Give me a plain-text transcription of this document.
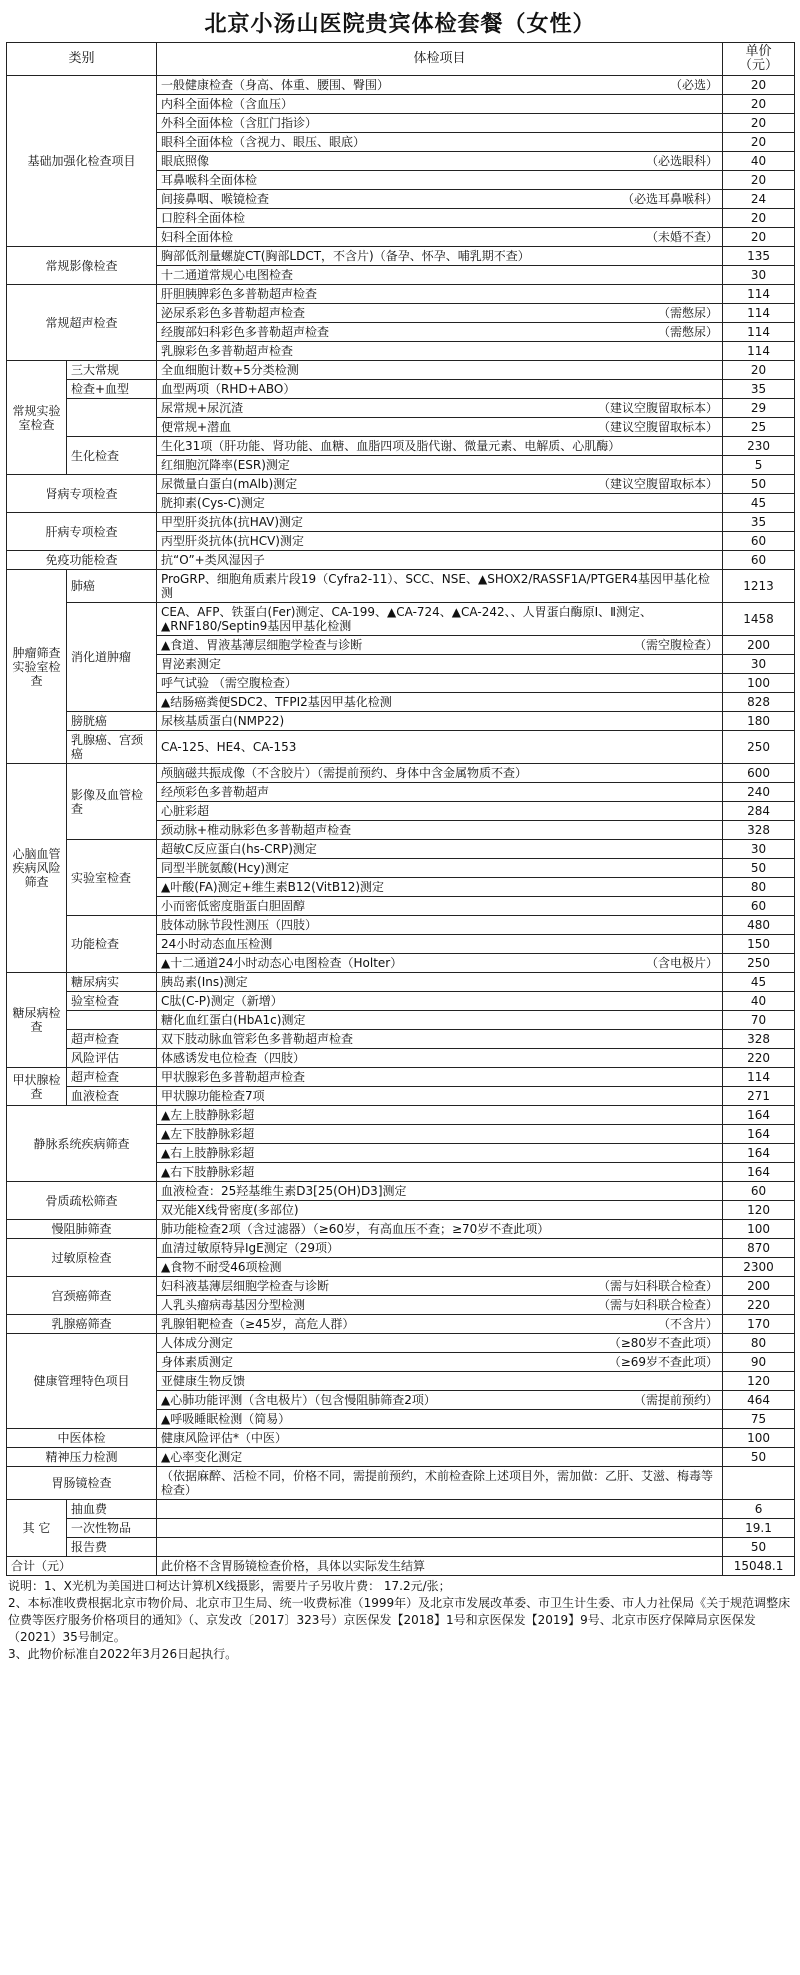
北京小汤山医院贵宾体检套餐（女性）
类别		体检项目	单价
（元）
基础加强化检查项目		一般健康检查（身高、体重、腰围、臀围） （必选）	20

		内科全面体检（含血压）	20

		外科全面体检（含肛门指诊）	20

		眼科全面体检（含视力、眼压、眼底）	20

		眼底照像 （必选眼科）	40

		耳鼻喉科全面体检	20

		间接鼻咽、喉镜检查 （必选耳鼻喉科）	24

		口腔科全面体检	20

		妇科全面体检 （未婚不查）	20
常规影像检查		胸部低剂量螺旋CT(胸部LDCT，不含片)（备孕、怀孕、哺乳期不查）	135

		十二通道常规心电图检查	30
常规超声检查		肝胆胰脾彩色多普勒超声检查	114

		泌尿系彩色多普勒超声检查 （需憋尿）	114

		经腹部妇科彩色多普勒超声检查 （需憋尿）	114

		乳腺彩色多普勒超声检查	114
常规实验室检查	三大常规	全血细胞计数+5分类检测	20
	检查+血型	血型两项（RHD+ABO）	35

		尿常规+尿沉渣 （建议空腹留取标本）	29

		便常规+潜血 （建议空腹留取标本）	25
	生化检查	生化31项（肝功能、肾功能、血糖、血脂四项及脂代谢、微量元素、电解质、心肌酶）	230

		红细胞沉降率(ESR)测定	5
肾病专项检查		尿微量白蛋白(mAlb)测定 （建议空腹留取标本）	50

		胱抑素(Cys-C)测定	45
肝病专项检查		甲型肝炎抗体(抗HAV)测定	35

		丙型肝炎抗体(抗HCV)测定	60
免疫功能检查		抗“O”+类风湿因子	60
肿瘤筛查实验室检查	肺癌	ProGRP、细胞角质素片段19（Cyfra2-11）、SCC、NSE、▲SHOX2/RASSF1A/PTGER4基因甲基化检测	1213
	消化道肿瘤	CEA、AFP、铁蛋白(Fer)测定、CA-199、▲CA-724、▲CA-242、、人胃蛋白酶原Ⅰ、Ⅱ测定、▲RNF180/Septin9基因甲基化检测	1458

		▲食道、胃液基薄层细胞学检查与诊断 （需空腹检查）	200

		胃泌素测定	30

		呼气试验 （需空腹检查）	100

		▲结肠癌粪便SDC2、TFPI2基因甲基化检测	828
	膀胱癌	尿核基质蛋白(NMP22)	180
	乳腺癌、宫颈癌	CA-125、HE4、CA-153	250
心脑血管疾病风险筛查	影像及血管检查	颅脑磁共振成像（不含胶片）（需提前预约、身体中含金属物质不查）	600

		经颅彩色多普勒超声	240

		心脏彩超	284

		颈动脉+椎动脉彩色多普勒超声检查	328
	实验室检查	超敏C反应蛋白(hs-CRP)测定	30

		同型半胱氨酸(Hcy)测定	50

		▲叶酸(FA)测定+维生素B12(VitB12)测定	80

		小而密低密度脂蛋白胆固醇	60
	功能检查	肢体动脉节段性测压（四肢）	480

		24小时动态血压检测	150

		▲十二通道24小时动态心电图检查（Holter） （含电极片）	250
糖尿病检查	糖尿病实	胰岛素(Ins)测定	45
	验室检查	C肽(C-P)测定（新增）	40

		糖化血红蛋白(HbA1c)测定	70
	超声检查	双下肢动脉血管彩色多普勒超声检查	328
	风险评估	体感诱发电位检查（四肢）	220
甲状腺检查	超声检查	甲状腺彩色多普勒超声检查	114
	血液检查	甲状腺功能检查7项	271
静脉系统疾病筛查		▲左上肢静脉彩超	164

		▲左下肢静脉彩超	164

		▲右上肢静脉彩超	164

		▲右下肢静脉彩超	164
骨质疏松筛查		血液检查：25羟基维生素D3[25(OH)D3]测定	60

		双光能X线骨密度(多部位)	120
慢阻肺筛查		肺功能检查2项（含过滤器）（≥60岁，有高血压不查；≥70岁不查此项）	100
过敏原检查		血清过敏原特异IgE测定（29项）	870

		▲食物不耐受46项检测	2300
宫颈癌筛查		妇科液基薄层细胞学检查与诊断 （需与妇科联合检查）	200

		人乳头瘤病毒基因分型检测 （需与妇科联合检查）	220
乳腺癌筛查		乳腺钼靶检查（≥45岁，高危人群） （不含片）	170
健康管理特色项目		人体成分测定 （≥80岁不查此项）	80

		身体素质测定 （≥69岁不查此项）	90

		亚健康生物反馈	120

		▲心肺功能评测（含电极片）（包含慢阻肺筛查2项） （需提前预约）	464

		▲呼吸睡眠检测（简易）	75
中医体检		健康风险评估*（中医）	100
精神压力检测		▲心率变化测定	50
胃肠镜检查		（依据麻醉、活检不同，价格不同，需提前预约，术前检查除上述项目外，需加做：乙肝、艾滋、梅毒等检查）	

其 它	抽血费		6
	一次性物品		19.1
	报告费		50
合计（元）		此价格不含胃肠镜检查价格，具体以实际发生结算	15048.1
说明：1、X光机为美国进口柯达计算机X线摄影，需要片子另收片费： 17.2元/张；
2、本标准收费根据北京市物价局、北京市卫生局、统一收费标准（1999年）及北京市发展改革委、市卫生计生委、市人力社保局《关于规范调整床位费等医疗服务价格项目的通知》（、京发改〔2017〕323号）京医保发【2018】1号和京医保发【2019】9号、北京市医疗保障局京医保发（2021）35号制定。
3、此物价标准自2022年3月26日起执行。
